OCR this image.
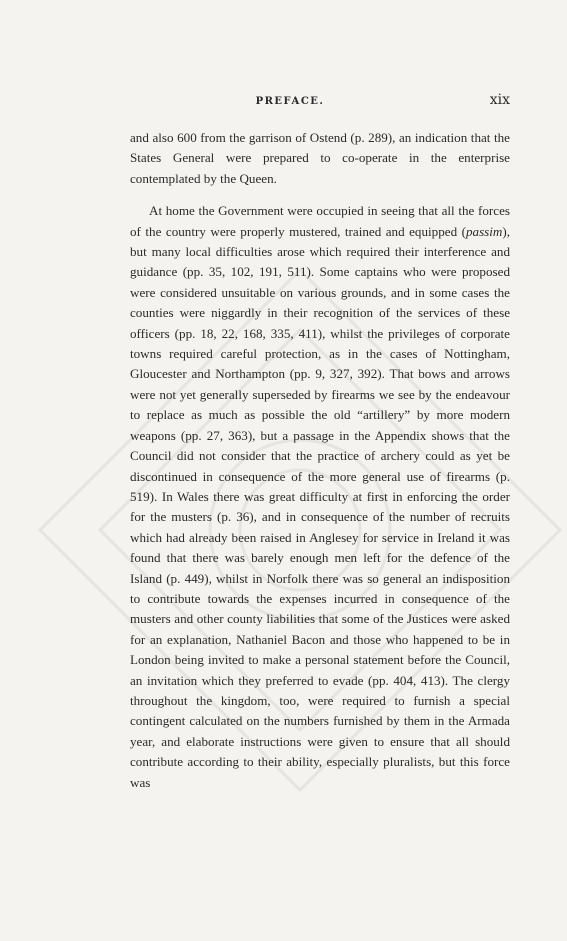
PREFACE.	xix

and also 600 from the garrison of Ostend (p. 289), an indication that the States General were prepared to co-operate in the enterprise contemplated by the Queen.

At home the Government were occupied in seeing that all the forces of the country were properly mustered, trained and equipped (passim), but many local difficulties arose which required their interference and guidance (pp. 35, 102, 191, 511). Some captains who were proposed were considered unsuitable on various grounds, and in some cases the counties were niggardly in their recognition of the services of these officers (pp. 18, 22, 168, 335, 411), whilst the privileges of corporate towns required careful protection, as in the cases of Nottingham, Gloucester and Northampton (pp. 9, 327, 392). That bows and arrows were not yet generally superseded by firearms we see by the endeavour to replace as much as possible the old “artillery” by more modern weapons (pp. 27, 363), but a passage in the Appendix shows that the Council did not consider that the practice of archery could as yet be discontinued in consequence of the more general use of firearms (p. 519). In Wales there was great difficulty at first in enforcing the order for the musters (p. 36), and in consequence of the number of recruits which had already been raised in Anglesey for service in Ireland it was found that there was barely enough men left for the defence of the Island (p. 449), whilst in Norfolk there was so general an indisposition to contribute towards the expenses incurred in consequence of the musters and other county liabilities that some of the Justices were asked for an explanation, Nathaniel Bacon and those who happened to be in London being invited to make a personal statement before the Council, an invitation which they preferred to evade (pp. 404, 413). The clergy throughout the kingdom, too, were required to furnish a special contingent calculated on the numbers furnished by them in the Armada year, and elaborate instructions were given to ensure that all should contribute according to their ability, especially pluralists, but this force was
